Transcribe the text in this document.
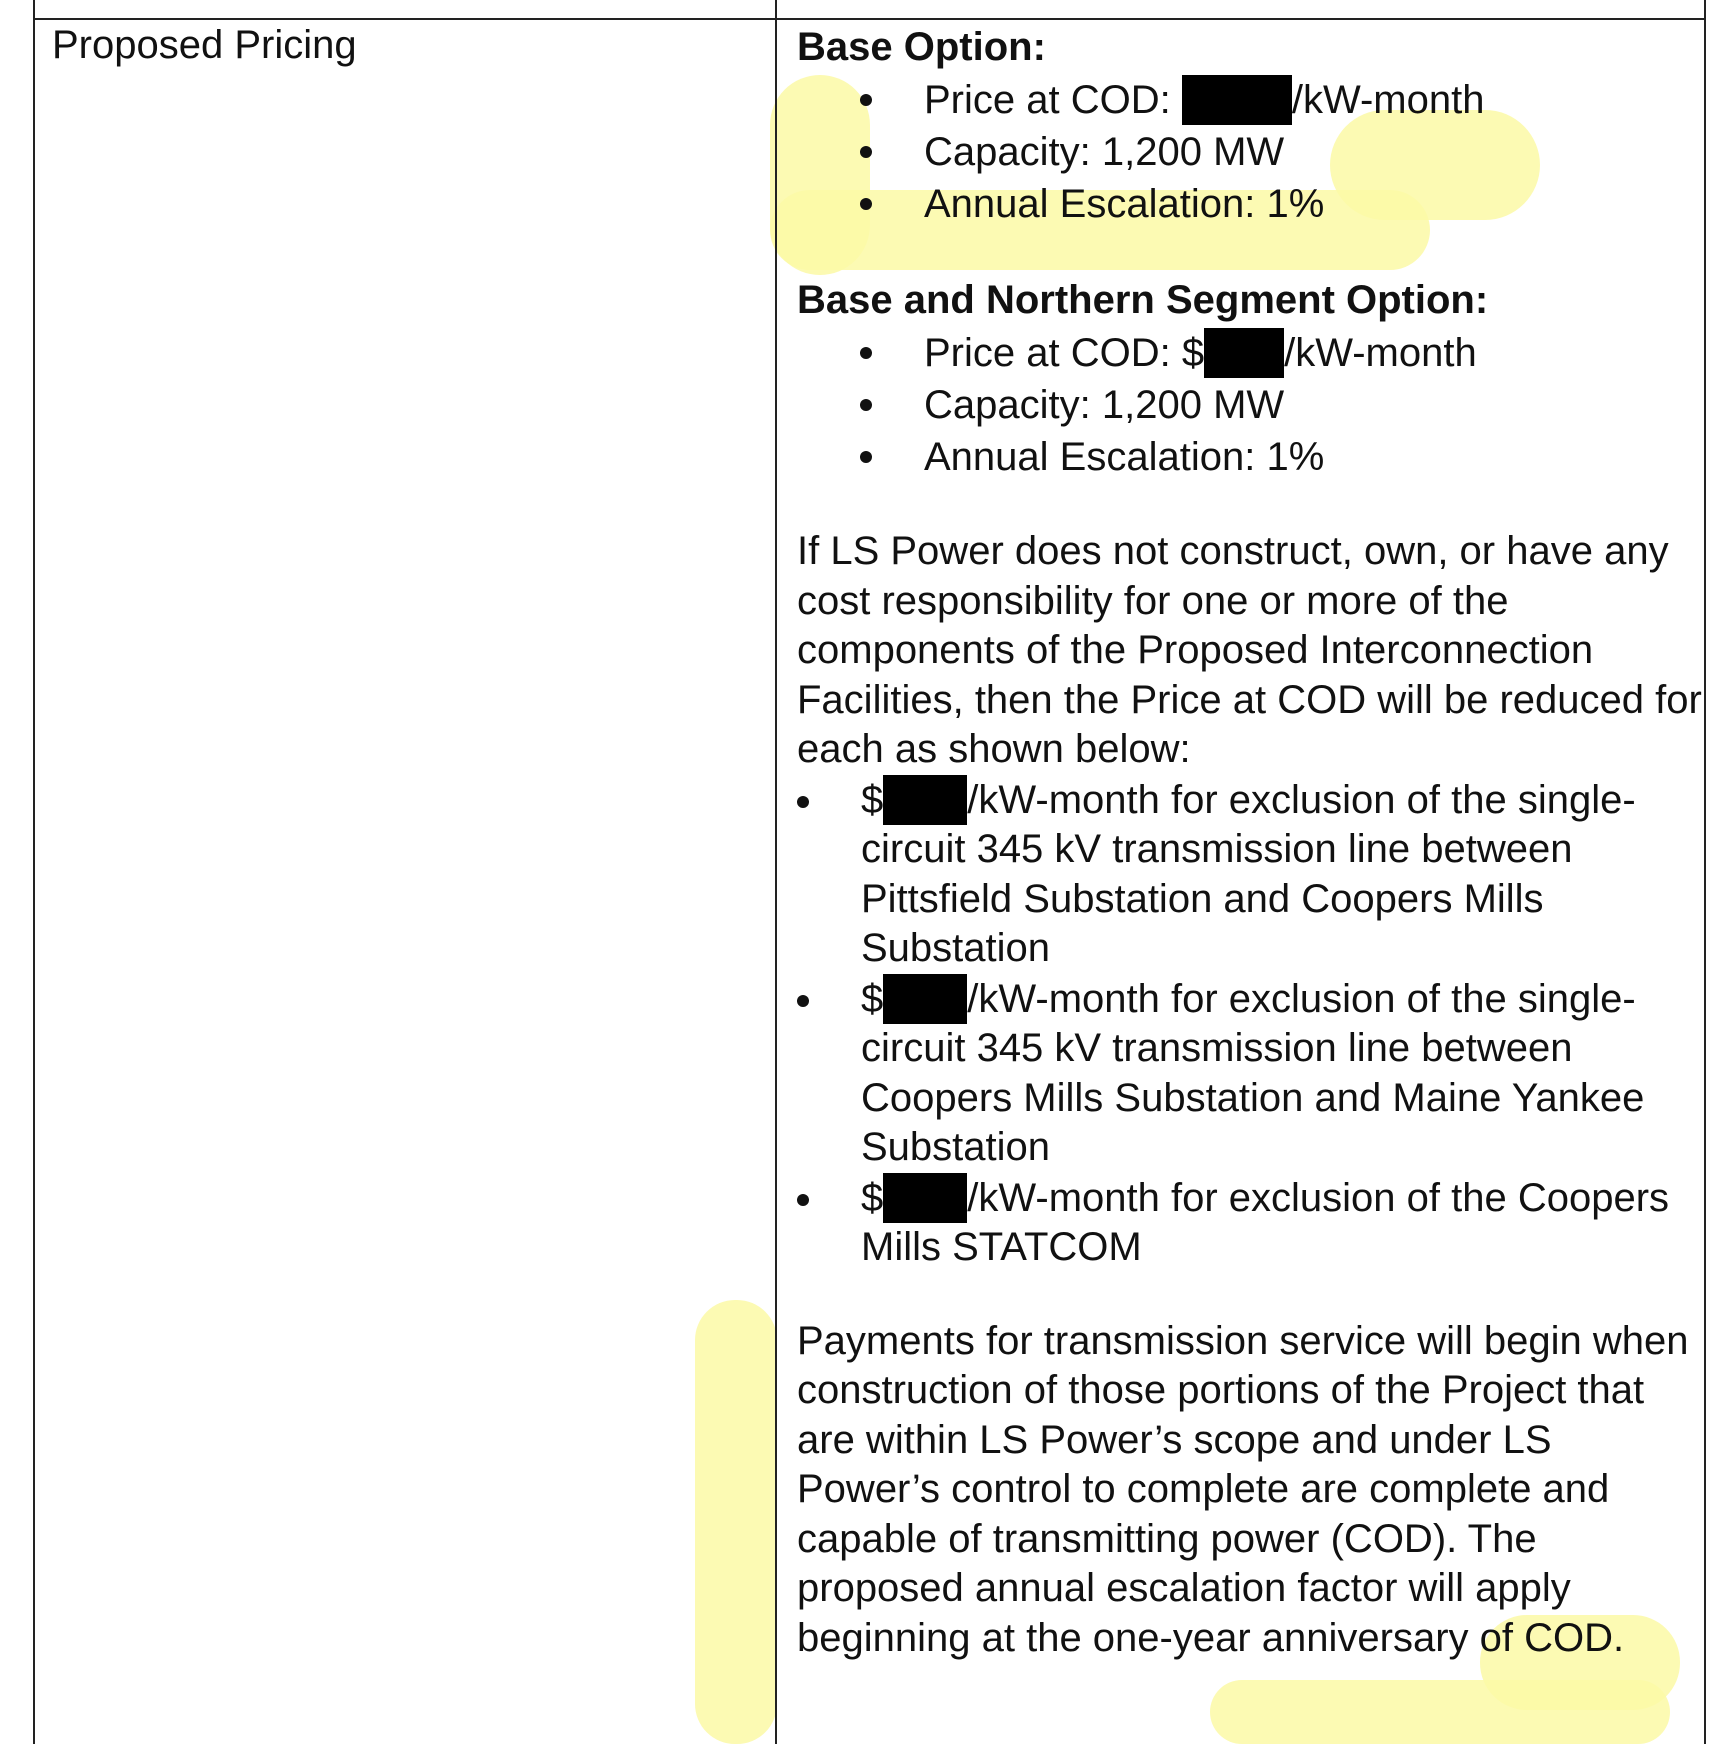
Proposed Pricing	Base Option:

Price at COD:	/kW-month
Capacity: 1,200 MW
Annual Escalation: 1%

Base and Northern Segment Option:

Price at COD: $ /kW-month
Capacity: 1,200 MW
Annual Escalation: 1%

If LS Power does not construct, own, or have any cost responsibility for one or more of the components of the Proposed Interconnection Facilities, then the Price at COD will be reduced for each as shown below:

$ /kW-month for exclusion of the single-circuit 345 kV transmission line between Pittsfield Substation and Coopers Mills Substation
$ /kW-month for exclusion of the single-circuit 345 kV transmission line between Coopers Mills Substation and Maine Yankee Substation
$ /kW-month for exclusion of the Coopers Mills STATCOM

Payments for transmission service will begin when construction of those portions of the Project that are within LS Power’s scope and under LS Power’s control to complete are complete and capable of transmitting power (COD). The proposed annual escalation factor will apply beginning at the one-year anniversary of COD.
